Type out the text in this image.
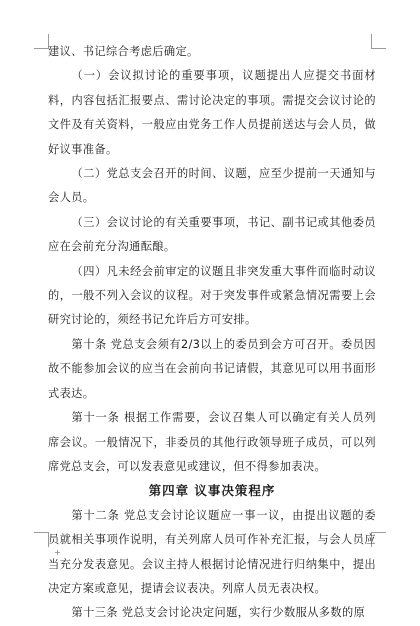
建议、书记综合考虑后确定。

（一）会议拟讨论的重要事项，议题提出人应提交书面材料，内容包括汇报要点、需讨论决定的事项。需提交会议讨论的文件及有关资料，一般应由党务工作人员提前送达与会人员，做好议事准备。

（二）党总支会召开的时间、议题，应至少提前一天通知与会人员。

（三）会议讨论的有关重要事项，书记、副书记或其他委员应在会前充分沟通酝酿。

（四）凡未经会前审定的议题且非突发重大事件而临时动议的，一般不列入会议的议程。对于突发事件或紧急情况需要上会研究讨论的，须经书记允许后方可安排。

第十条 党总支会须有2/3以上的委员到会方可召开。委员因故不能参加会议的应当在会前向书记请假，其意见可以用书面形式表达。

第十一条 根据工作需要，会议召集人可以确定有关人员列席会议。一般情况下，非委员的其他行政领导班子成员，可以列席党总支会，可以发表意见或建议，但不得参加表决。

第四章 议事决策程序

第十二条 党总支会讨论议题应一事一议，由提出议题的委员就相关事项作说明，有关列席人员可作补充汇报，与会人员应当充分发表意见。会议主持人根据讨论情况进行归纳集中，提出决定方案或意见，提请会议表决。列席人员无表决权。

第十三条 党总支会讨论决定问题，实行少数服从多数的原

+
